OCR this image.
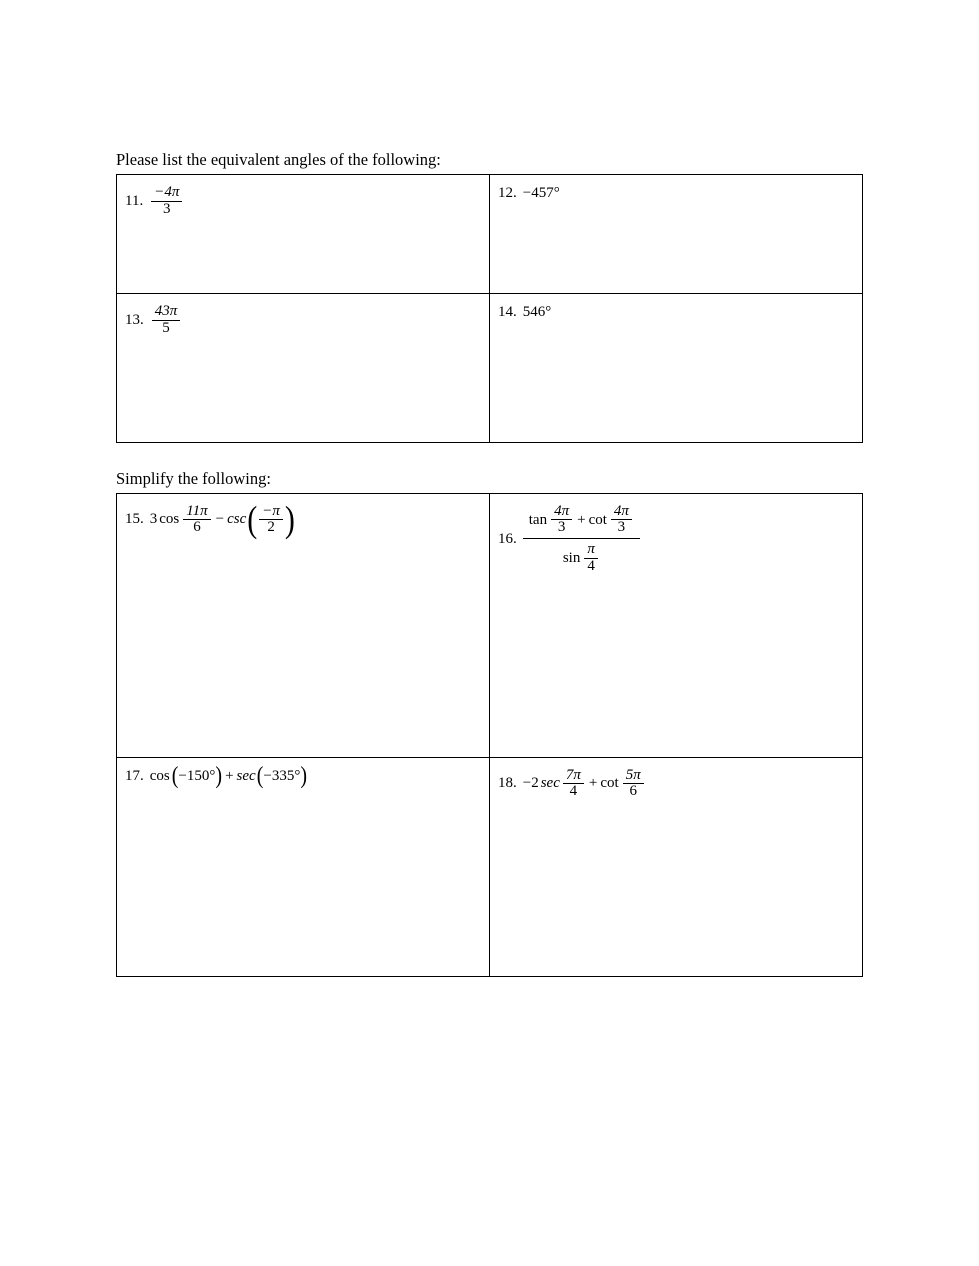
Please list the equivalent angles of the following:
11. $\frac{-4\pi}{3}$	12. −457°

13. $\frac{43\pi}{5}$	14. 546°
Simplify the following:
15. 3 $\cos \frac{11\pi}{6} - \csc$ ( $\frac{-\pi}{2}$ )	16.
$\tan \frac{4\pi}{3} + \cot \frac{4\pi}{3}$
$\sin \frac{\pi}{4}$

17. cos ( −150° ) + sec ( −335° )	18. −2 $\sec \frac{7\pi}{4} + \cot \frac{5\pi}{6}$
